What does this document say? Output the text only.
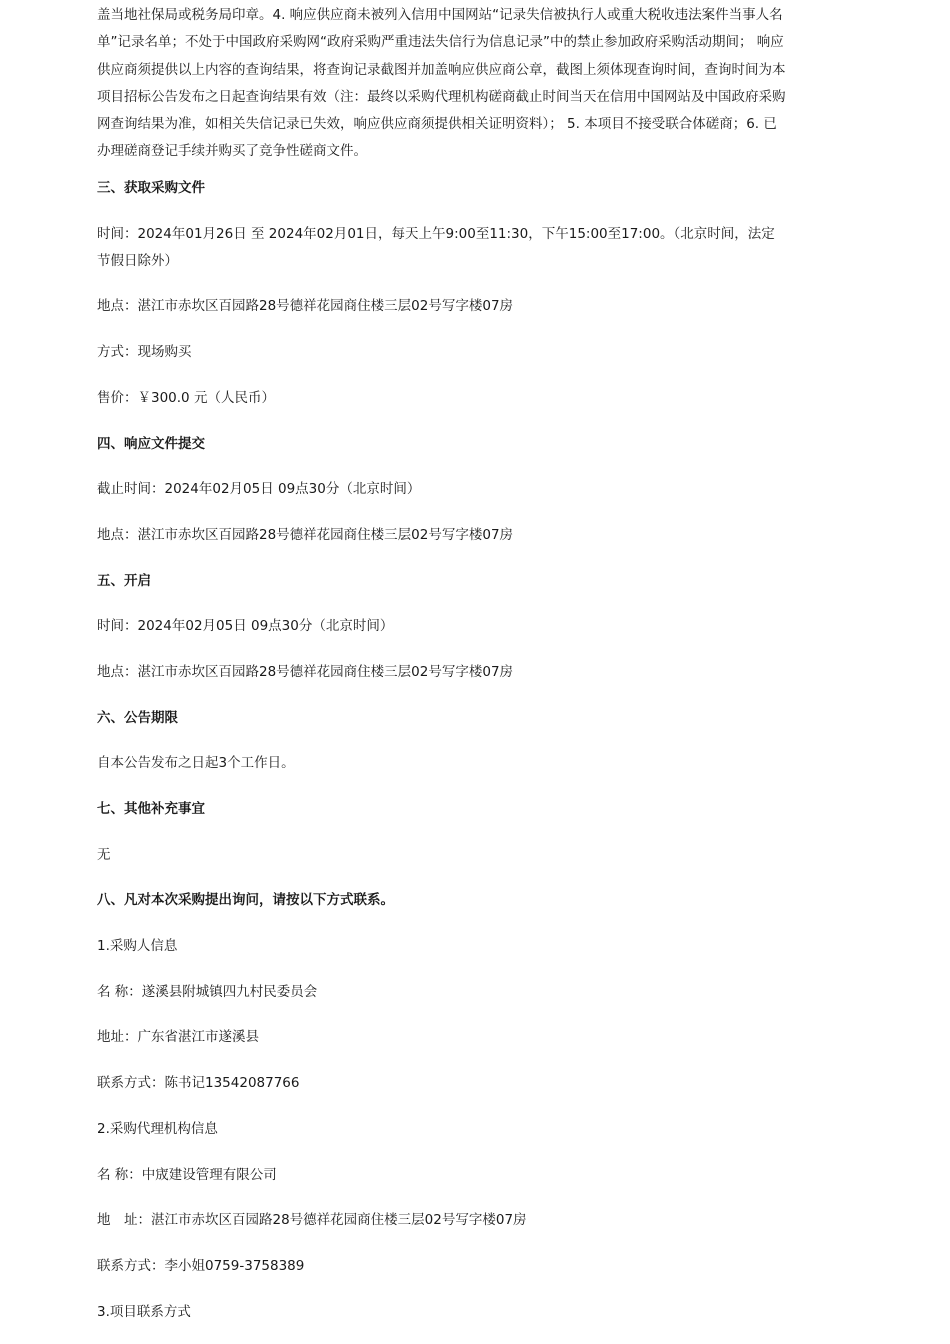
盖当地社保局或税务局印章。4. 响应供应商未被列入信用中国网站“记录失信被执行人或重大税收违法案件当事人名单”记录名单；不处于中国政府采购网“政府采购严重违法失信行为信息记录”中的禁止参加政府采购活动期间； 响应供应商须提供以上内容的查询结果，将查询记录截图并加盖响应供应商公章，截图上须体现查询时间，查询时间为本项目招标公告发布之日起查询结果有效（注：最终以采购代理机构磋商截止时间当天在信用中国网站及中国政府采购网查询结果为准，如相关失信记录已失效，响应供应商须提供相关证明资料）； 5. 本项目不接受联合体磋商；6. 已办理磋商登记手续并购买了竞争性磋商文件。

三、获取采购文件

时间：2024年01月26日 至 2024年02月01日，每天上午9:00至11:30，下午15:00至17:00。（北京时间，法定节假日除外）

地点：湛江市赤坎区百园路28号德祥花园商住楼三层02号写字楼07房

方式：现场购买

售价：￥300.0 元（人民币）

四、响应文件提交

截止时间：2024年02月05日 09点30分（北京时间）

地点：湛江市赤坎区百园路28号德祥花园商住楼三层02号写字楼07房

五、开启

时间：2024年02月05日 09点30分（北京时间）

地点：湛江市赤坎区百园路28号德祥花园商住楼三层02号写字楼07房

六、公告期限

自本公告发布之日起3个工作日。

七、其他补充事宜

无

八、凡对本次采购提出询问，请按以下方式联系。

1.采购人信息

名 称：遂溪县附城镇四九村民委员会

地址：广东省湛江市遂溪县

联系方式：陈书记13542087766

2.采购代理机构信息

名 称：中宬建设管理有限公司

地　址：湛江市赤坎区百园路28号德祥花园商住楼三层02号写字楼07房

联系方式：李小姐0759-3758389

3.项目联系方式
